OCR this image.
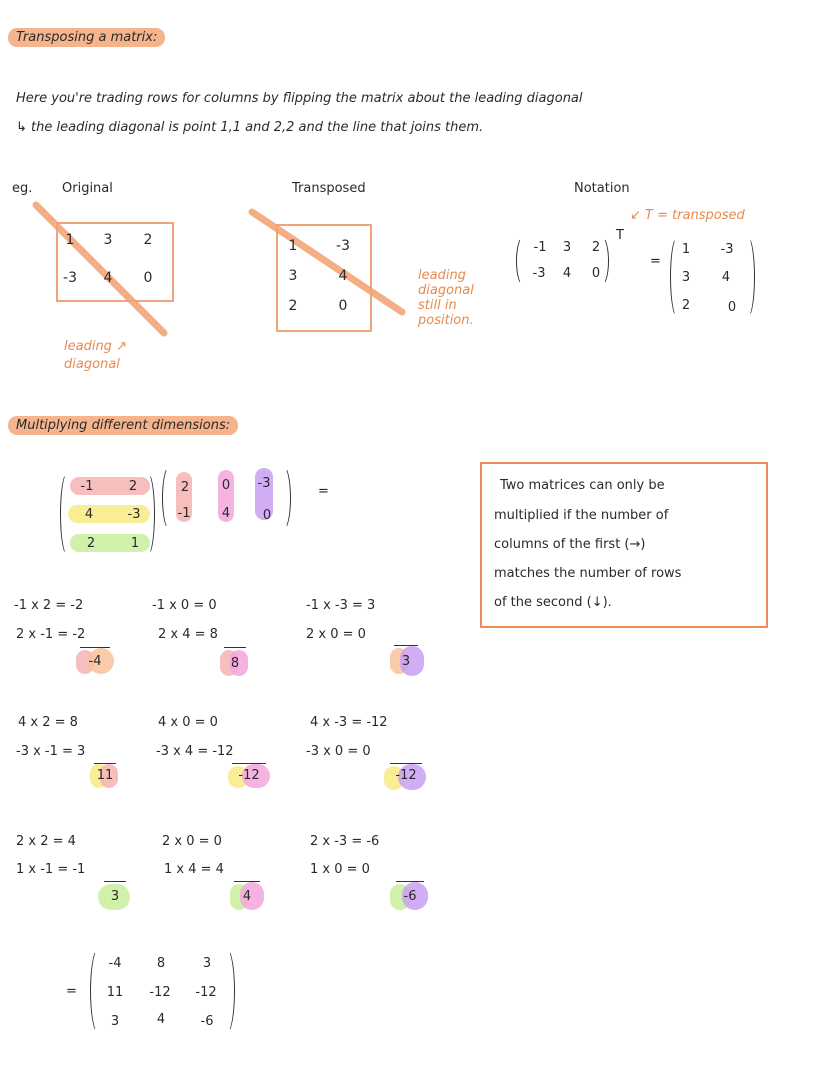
Transposing a matrix:
Here you're trading rows for columns by flipping the matrix about the leading diagonal
↳ the leading diagonal is point 1,1 and 2,2 and the line that joins them.
eg. Original	Transposed	Notation
1	3	2
-3	4	0
leading ↗
diagonal
1	-3
3	4
2	0
leading
diagonal
still in
position.
↙ T = transposed
-1	3	2
-3	4	0
T
=
1	-3
3	4
2	0
Multiplying different dimensions:
-1	2
4	-3
2	1
2	0	-3
-1	4	0
=	Two matrices can only be
multiplied if the number of
columns of the first (→)
matches the number of rows
of the second (↓).
-1 x 2 = -2
2 x -1 = -2
-4
-1 x 0 = 0
2 x 4 = 8
8
-1 x -3 = 3
2 x 0 = 0
3
4 x 2 = 8
-3 x -1 = 3
11
4 x 0 = 0
-3 x 4 = -12
-12
4 x -3 = -12
-3 x 0 = 0
-12
2 x 2 = 4
1 x -1 = -1
3
2 x 0 = 0
1 x 4 = 4
4
2 x -3 = -6
1 x 0 = 0
-6
=
-4	8	3
11	-12	-12
3	4	-6
